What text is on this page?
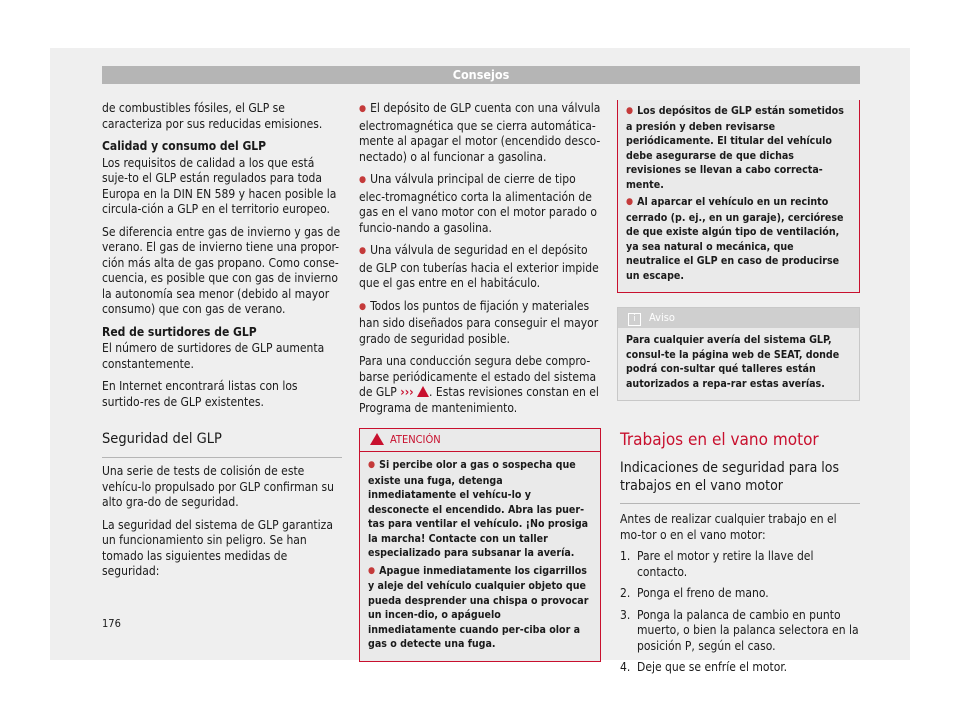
Consejos

de combustibles fósiles, el GLP se caracteriza por sus reducidas emisiones.

Calidad y consumo del GLP

Los requisitos de calidad a los que está suje-to el GLP están regulados para toda Europa en la DIN EN 589 y hacen posible la circula-ción a GLP en el territorio europeo.

Se diferencia entre gas de invierno y gas de verano. El gas de invierno tiene una propor-ción más alta de gas propano. Como conse-cuencia, es posible que con gas de invierno la autonomía sea menor (debido al mayor consumo) que con gas de verano.

Red de surtidores de GLP

El número de surtidores de GLP aumenta constantemente.

En Internet encontrará listas con los surtido-res de GLP existentes.

Seguridad del GLP

Una serie de tests de colisión de este vehícu-lo propulsado por GLP confirman su alto gra-do de seguridad.

La seguridad del sistema de GLP garantiza un funcionamiento sin peligro. Se han tomado las siguientes medidas de seguridad:

● El depósito de GLP cuenta con una válvula electromagnética que se cierra automática-mente al apagar el motor (encendido desco-nectado) o al funcionar a gasolina.

● Una válvula principal de cierre de tipo elec-tromagnético corta la alimentación de gas en el vano motor con el motor parado o funcio-nando a gasolina.

● Una válvula de seguridad en el depósito de GLP con tuberías hacia el exterior impide que el gas entre en el habitáculo.

● Todos los puntos de fijación y materiales han sido diseñados para conseguir el mayor grado de seguridad posible.

Para una conducción segura debe compro-barse periódicamente el estado del sistema de GLP ››› . Estas revisiones constan en el Programa de mantenimiento.

ATENCIÓN

● Si percibe olor a gas o sospecha que existe una fuga, detenga inmediatamente el vehícu-lo y desconecte el encendido. Abra las puer-tas para ventilar el vehículo. ¡No prosiga la marcha! Contacte con un taller especializado para subsanar la avería.

● Apague inmediatamente los cigarrillos y aleje del vehículo cualquier objeto que pueda desprender una chispa o provocar un incen-dio, o apáguelo inmediatamente cuando per-ciba olor a gas o detecte una fuga.

● Los depósitos de GLP están sometidos a presión y deben revisarse periódicamente. El titular del vehículo debe asegurarse de que dichas revisiones se llevan a cabo correcta-mente.

● Al aparcar el vehículo en un recinto cerrado (p. ej., en un garaje), cerciórese de que existe algún tipo de ventilación, ya sea natural o mecánica, que neutralice el GLP en caso de producirse un escape.

i Aviso

Para cualquier avería del sistema GLP, consul-te la página web de SEAT, donde podrá con-sultar qué talleres están autorizados a repa-rar estas averías.

Trabajos en el vano motor
Indicaciones de seguridad para los trabajos en el vano motor

Antes de realizar cualquier trabajo en el mo-tor o en el vano motor:

1. Pare el motor y retire la llave del contacto.
2. Ponga el freno de mano.
3. Ponga la palanca de cambio en punto muerto, o bien la palanca selectora en la posición P, según el caso.
4. Deje que se enfríe el motor.
176
